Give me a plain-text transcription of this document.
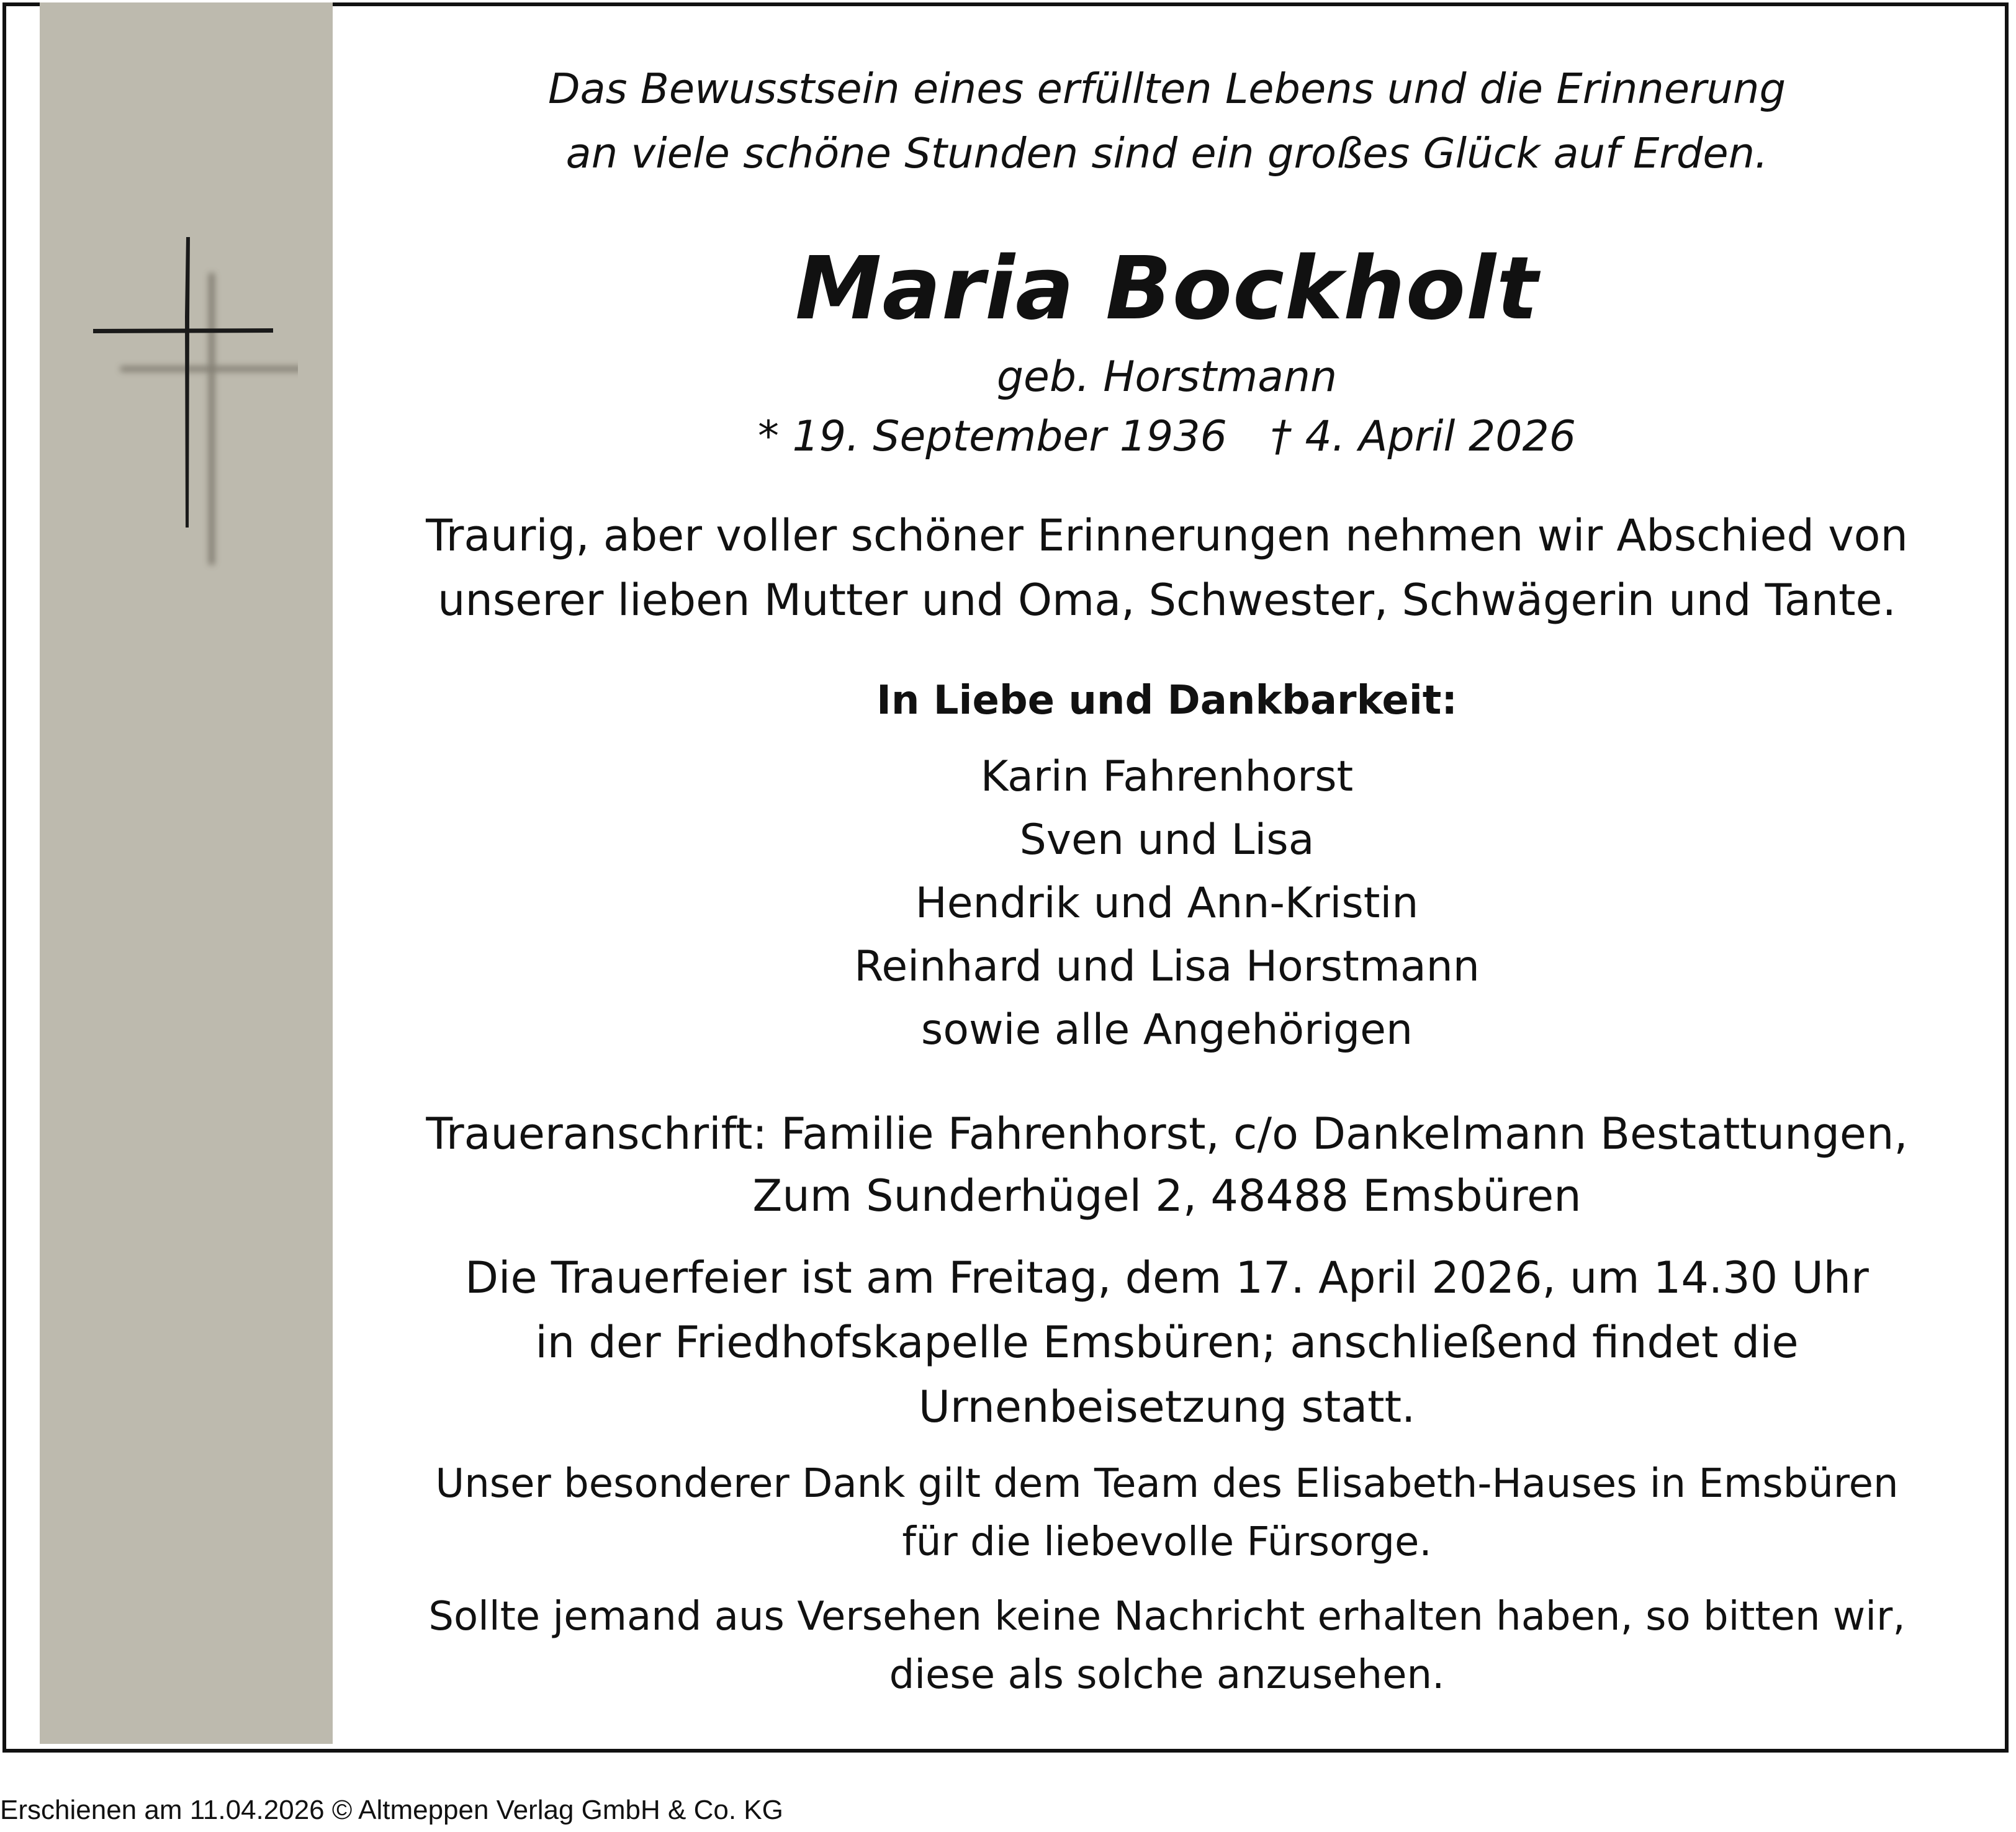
Das Bewusstsein eines erfüllten Lebens und die Erinnerung
an viele schöne Stunden sind ein großes Glück auf Erden.
Maria Bockholt
geb. Horstmann
* 19. September 1936 † 4. April 2026
Traurig, aber voller schöner Erinnerungen nehmen wir Abschied von
unserer lieben Mutter und Oma, Schwester, Schwägerin und Tante.
In Liebe und Dankbarkeit:
Karin Fahrenhorst
Sven und Lisa
Hendrik und Ann-Kristin
Reinhard und Lisa Horstmann
sowie alle Angehörigen
Traueranschrift: Familie Fahrenhorst, c/o Dankelmann Bestattungen,
Zum Sunderhügel 2, 48488 Emsbüren
Die Trauerfeier ist am Freitag, dem 17. April 2026, um 14.30 Uhr
in der Friedhofskapelle Emsbüren; anschließend findet die
Urnenbeisetzung statt.
Unser besonderer Dank gilt dem Team des Elisabeth-Hauses in Emsbüren
für die liebevolle Fürsorge.
Sollte jemand aus Versehen keine Nachricht erhalten haben, so bitten wir,
diese als solche anzusehen.
Erschienen am 11.04.2026 © Altmeppen Verlag GmbH & Co. KG
